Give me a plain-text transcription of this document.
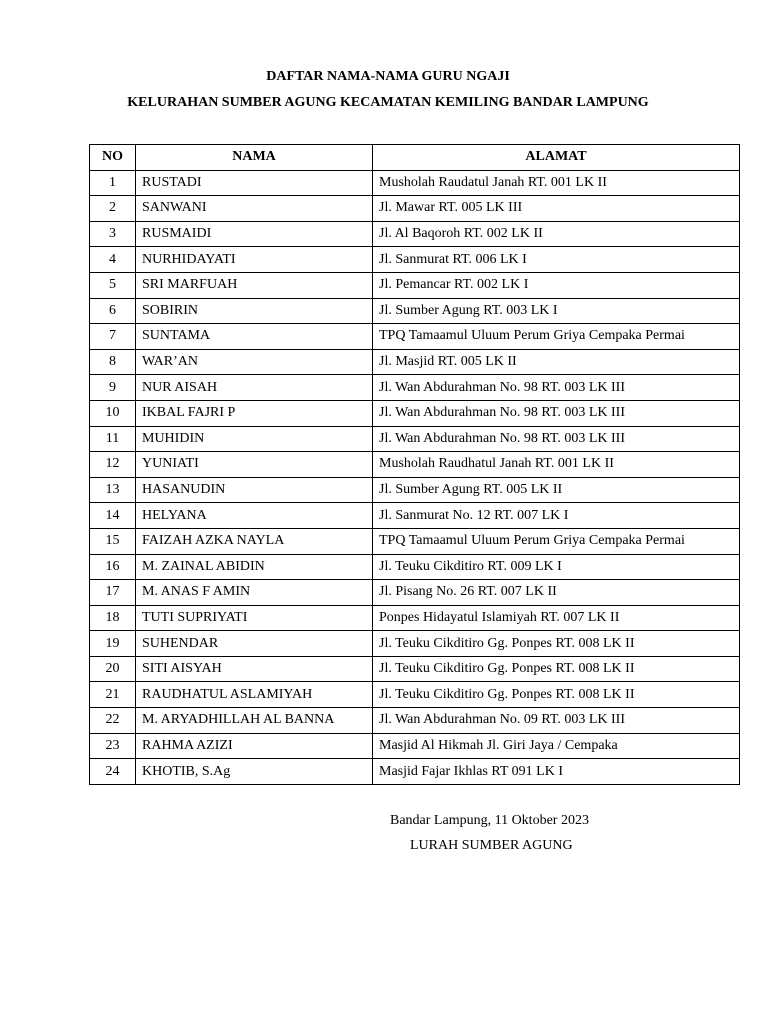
DAFTAR NAMA-NAMA GURU NGAJI
KELURAHAN SUMBER AGUNG KECAMATAN KEMILING BANDAR LAMPUNG
NO	NAMA	ALAMAT
1	RUSTADI	Musholah Raudatul Janah RT. 001 LK II
2	SANWANI	Jl. Mawar RT. 005 LK III
3	RUSMAIDI	Jl. Al Baqoroh RT. 002 LK II
4	NURHIDAYATI	Jl. Sanmurat RT. 006 LK I
5	SRI MARFUAH	Jl. Pemancar RT. 002 LK I
6	SOBIRIN	Jl. Sumber Agung RT. 003 LK I
7	SUNTAMA	TPQ Tamaamul Uluum Perum Griya Cempaka Permai
8	WAR’AN	Jl. Masjid RT. 005 LK II
9	NUR AISAH	Jl. Wan Abdurahman No. 98 RT. 003 LK III
10	IKBAL FAJRI P	Jl. Wan Abdurahman No. 98 RT. 003 LK III
11	MUHIDIN	Jl. Wan Abdurahman No. 98 RT. 003 LK III
12	YUNIATI	Musholah Raudhatul Janah RT. 001 LK II
13	HASANUDIN	Jl. Sumber Agung RT. 005 LK II
14	HELYANA	Jl. Sanmurat No. 12 RT. 007 LK I
15	FAIZAH AZKA NAYLA	TPQ Tamaamul Uluum Perum Griya Cempaka Permai
16	M. ZAINAL ABIDIN	Jl. Teuku Cikditiro RT. 009 LK I
17	M. ANAS F AMIN	Jl. Pisang No. 26 RT. 007 LK II
18	TUTI SUPRIYATI	Ponpes Hidayatul Islamiyah RT. 007 LK II
19	SUHENDAR	Jl. Teuku Cikditiro Gg. Ponpes RT. 008 LK II
20	SITI AISYAH	Jl. Teuku Cikditiro Gg. Ponpes RT. 008 LK II
21	RAUDHATUL ASLAMIYAH	Jl. Teuku Cikditiro Gg. Ponpes RT. 008 LK II
22	M. ARYADHILLAH AL BANNA	Jl. Wan Abdurahman No. 09 RT. 003 LK III
23	RAHMA AZIZI	Masjid Al Hikmah Jl. Giri Jaya / Cempaka
24	KHOTIB, S.Ag	Masjid Fajar Ikhlas RT 091 LK I

Bandar Lampung, 11 Oktober 2023

LURAH SUMBER AGUNG
